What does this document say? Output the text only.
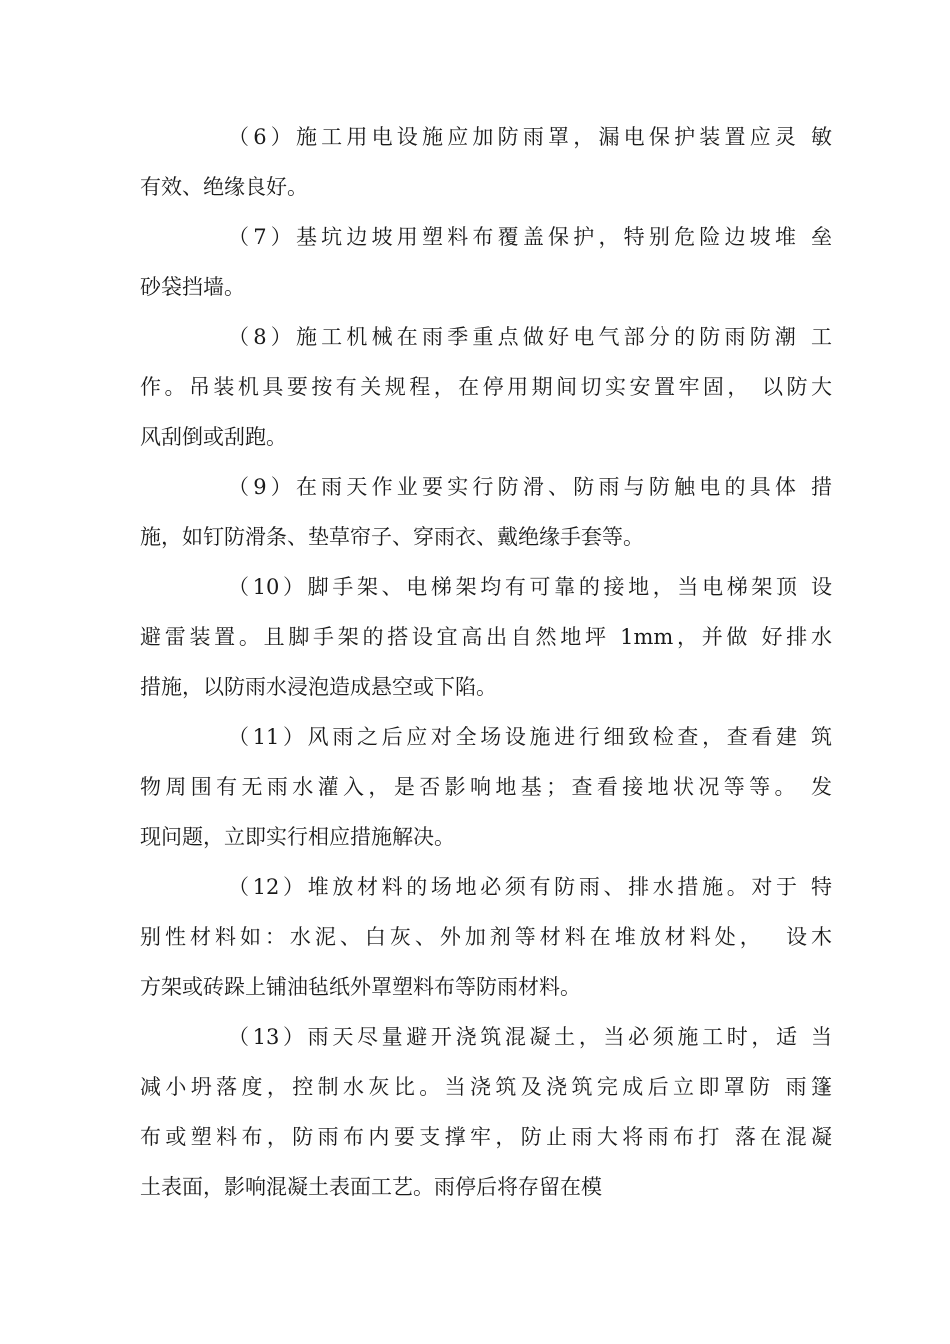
（6）施工用电设施应加防雨罩，漏电保护装置应灵 敏
有效、绝缘良好。
（7）基坑边坡用塑料布覆盖保护，特别危险边坡堆 垒
砂袋挡墙。
（8）施工机械在雨季重点做好电气部分的防雨防潮 工
作。吊装机具要按有关规程，在停用期间切实安置牢固， 以防大
风刮倒或刮跑。
（9）在雨天作业要实行防滑、防雨与防触电的具体 措
施，如钉防滑条、垫草帘子、穿雨衣、戴绝缘手套等。
（10）脚手架、电梯架均有可靠的接地，当电梯架顶 设
避雷装置。且脚手架的搭设宜高出自然地坪 1mm，并做 好排水
措施，以防雨水浸泡造成悬空或下陷。
（11）风雨之后应对全场设施进行细致检查，查看建 筑
物周围有无雨水灌入，是否影响地基；查看接地状况等等。 发
现问题，立即实行相应措施解决。
（12）堆放材料的场地必须有防雨、排水措施。对于 特
别性材料如：水泥、白灰、外加剂等材料在堆放材料处，  设木
方架或砖跺上铺油毡纸外罩塑料布等防雨材料。
（13）雨天尽量避开浇筑混凝土，当必须施工时，适 当
减小坍落度，控制水灰比。当浇筑及浇筑完成后立即罩防 雨篷
布或塑料布，防雨布内要支撑牢，防止雨大将雨布打 落在混凝
土表面，影响混凝土表面工艺。雨停后将存留在模
